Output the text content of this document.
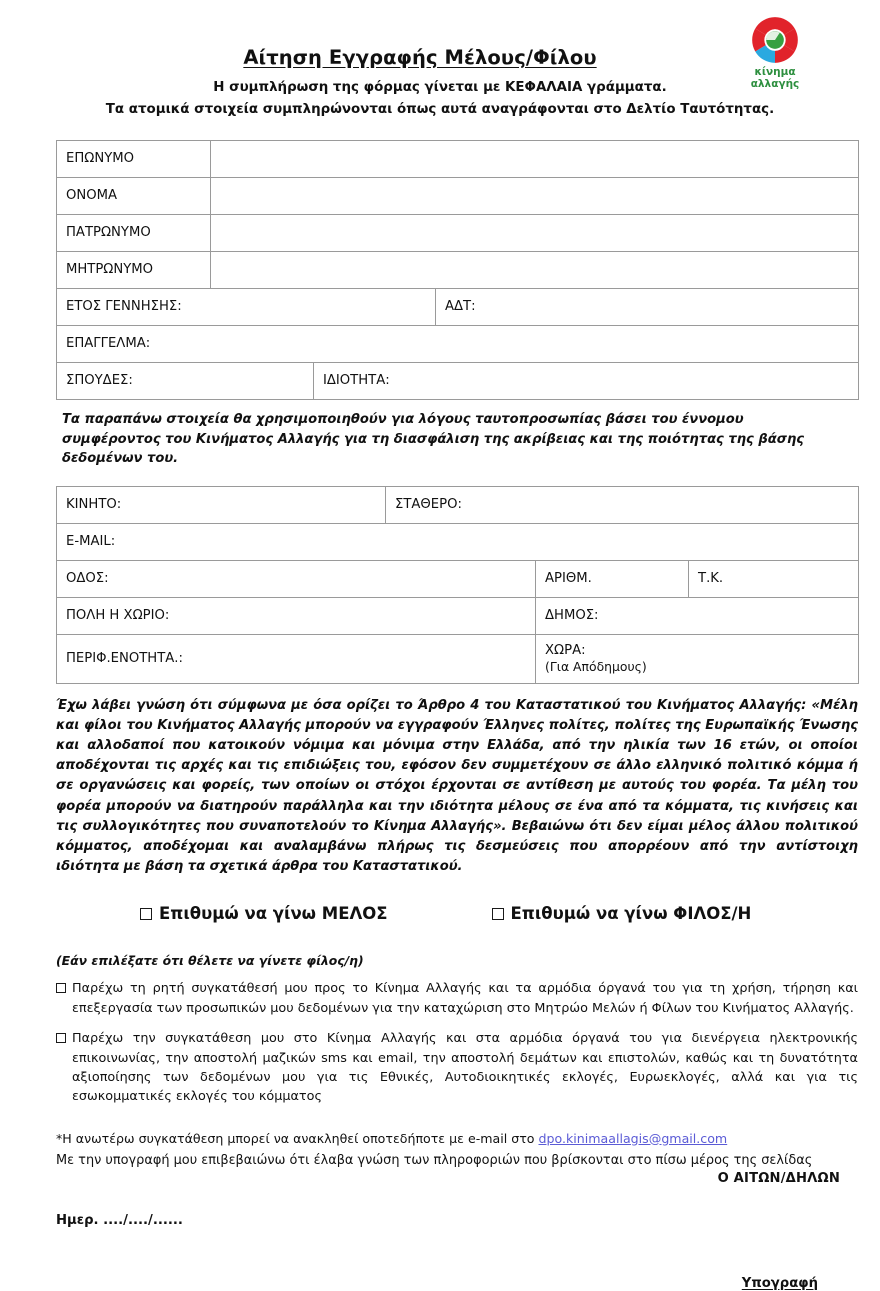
κίνημα
αλλαγής
Αίτηση Εγγραφής Μέλους/Φίλου

Η συμπλήρωση της φόρμας γίνεται με ΚΕΦΑΛΑΙΑ γράμματα.

Τα ατομικά στοιχεία συμπληρώνονται όπως αυτά αναγράφονται στο Δελτίο Ταυτότητας.

ΕΠΩΝΥΜΟ			
ΟΝΟΜΑ			
ΠΑΤΡΩΝΥΜΟ			
ΜΗΤΡΩΝΥΜΟ			
ΕΤΟΣ ΓΕΝΝΗΣΗΣ:			ΑΔΤ:
ΕΠΑΓΓΕΛΜΑ:			
ΣΠΟΥΔΕΣ:		ΙΔΙΟΤΗΤΑ:	

Τα παραπάνω στοιχεία θα χρησιμοποιηθούν για λόγους ταυτοπροσωπίας βάσει του έννομου συμφέροντος του Κινήματος Αλλαγής για τη διασφάλιση της ακρίβειας και της ποιότητας της βάσης δεδομένων του.

ΚΙΝΗΤΟ:	ΣΤΑΘΕΡΟ:		
E-MAIL:			
ΟΔΟΣ:		ΑΡΙΘΜ.	Τ.Κ.
ΠΟΛΗ Η ΧΩΡΙΟ:		ΔΗΜΟΣ:	
ΠΕΡΙΦ.ΕΝΟΤΗΤΑ.:		ΧΩΡΑ:
(Για Απόδημους)	

Έχω λάβει γνώση ότι σύμφωνα με όσα ορίζει το Άρθρο 4 του Καταστατικού του Κινήματος Αλλαγής: «Μέλη και φίλοι του Κινήματος Αλλαγής μπορούν να εγγραφούν Έλληνες πολίτες, πολίτες της Ευρωπαϊκής Ένωσης και αλλοδαποί που κατοικούν νόμιμα και μόνιμα στην Ελλάδα, από την ηλικία των 16 ετών, οι οποίοι αποδέχονται τις αρχές και τις επιδιώξεις του, εφόσον δεν συμμετέχουν σε άλλο ελληνικό πολιτικό κόμμα ή σε οργανώσεις και φορείς, των οποίων οι στόχοι έρχονται σε αντίθεση με αυτούς του φορέα. Τα μέλη του φορέα μπορούν να διατηρούν παράλληλα και την ιδιότητα μέλους σε ένα από τα κόμματα, τις κινήσεις και τις συλλογικότητες που συναποτελούν το Κίνημα Αλλαγής». Βεβαιώνω ότι δεν είμαι μέλος άλλου πολιτικού κόμματος, αποδέχομαι και αναλαμβάνω πλήρως τις δεσμεύσεις που απορρέουν από την αντίστοιχη ιδιότητα με βάση τα σχετικά άρθρα του Καταστατικού.

Επιθυμώ να γίνω ΜΕΛΟΣ	Επιθυμώ να γίνω ΦΙΛΟΣ/Η

(Εάν επιλέξατε ότι θέλετε να γίνετε φίλος/η)

Παρέχω τη ρητή συγκατάθεσή μου προς το Κίνημα Αλλαγής και τα αρμόδια όργανά του για τη χρήση, τήρηση και επεξεργασία των προσωπικών μου δεδομένων για την καταχώριση στο Μητρώο Μελών ή Φίλων του Κινήματος Αλλαγής.
Παρέχω την συγκατάθεση μου στο Κίνημα Αλλαγής και στα αρμόδια όργανά του για διενέργεια ηλεκτρονικής επικοινωνίας, την αποστολή μαζικών sms και email, την αποστολή δεμάτων και επιστολών, καθώς και τη δυνατότητα αξιοποίησης των δεδομένων μου για τις Εθνικές, Αυτοδιοικητικές εκλογές, Ευρωεκλογές, αλλά και για τις εσωκομματικές εκλογές του κόμματος

*Η ανωτέρω συγκατάθεση μπορεί να ανακληθεί οποτεδήποτε με e-mail στο dpo.kinimaallagis@gmail.com

Με την υπογραφή μου επιβεβαιώνω ότι έλαβα γνώση των πληροφοριών που βρίσκονται στο πίσω μέρος της σελίδας

Ο ΑΙΤΩΝ/ΔΗΛΩΝ
Ημερ. ..../..../......
Υπογραφή
